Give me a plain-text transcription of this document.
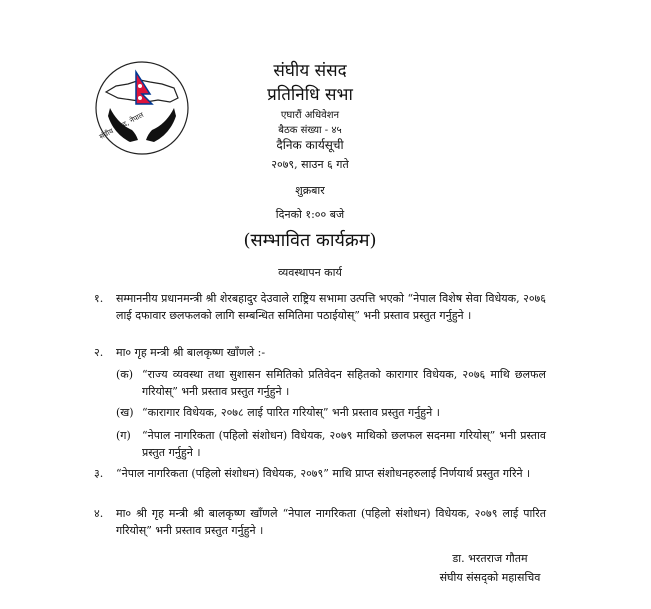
संघीय संसद, नेपाल
संघीय संसद
प्रतिनिधि सभा
एघारौं अधिवेशन
बैठक संख्या - ४५
दैनिक कार्यसूची
२०७९, साउन ६ गते
शुक्रबार
दिनको १:०० बजे
(सम्भावित कार्यक्रम)
व्यवस्थापन कार्य
१. सम्माननीय प्रधानमन्त्री श्री शेरबहादुर देउवाले राष्ट्रिय सभामा उत्पत्ति भएको “नेपाल विशेष सेवा विधेयक, २०७६ लाई दफावार छलफलको लागि सम्बन्धित समितिमा पठाईयोस्” भनी प्रस्ताव प्रस्तुत गर्नुहुने ।
२. मा० गृह मन्त्री श्री बालकृष्ण खाँणले :-
(क) “राज्य व्यवस्था तथा सुशासन समितिको प्रतिवेदन सहितको कारागार विधेयक, २०७६ माथि छलफल गरियोस्” भनी प्रस्ताव प्रस्तुत गर्नुहुने ।
(ख) “कारागार विधेयक, २०७८ लाई पारित गरियोस्” भनी प्रस्ताव प्रस्तुत गर्नुहुने ।
(ग) “नेपाल नागरिकता (पहिलो संशोधन) विधेयक, २०७९ माथिको छलफल सदनमा गरियोस्” भनी प्रस्ताव प्रस्तुत गर्नुहुने ।
३. “नेपाल नागरिकता (पहिलो संशोधन) विधेयक, २०७९” माथि प्राप्त संशोधनहरुलाई निर्णयार्थ प्रस्तुत गरिने ।
४. मा० श्री गृह मन्त्री श्री बालकृष्ण खाँणले “नेपाल नागरिकता (पहिलो संशोधन) विधेयक, २०७९ लाई पारित गरियोस्” भनी प्रस्ताव प्रस्तुत गर्नुहुने ।
डा. भरतराज गौतम
संघीय संसद्को महासचिव
